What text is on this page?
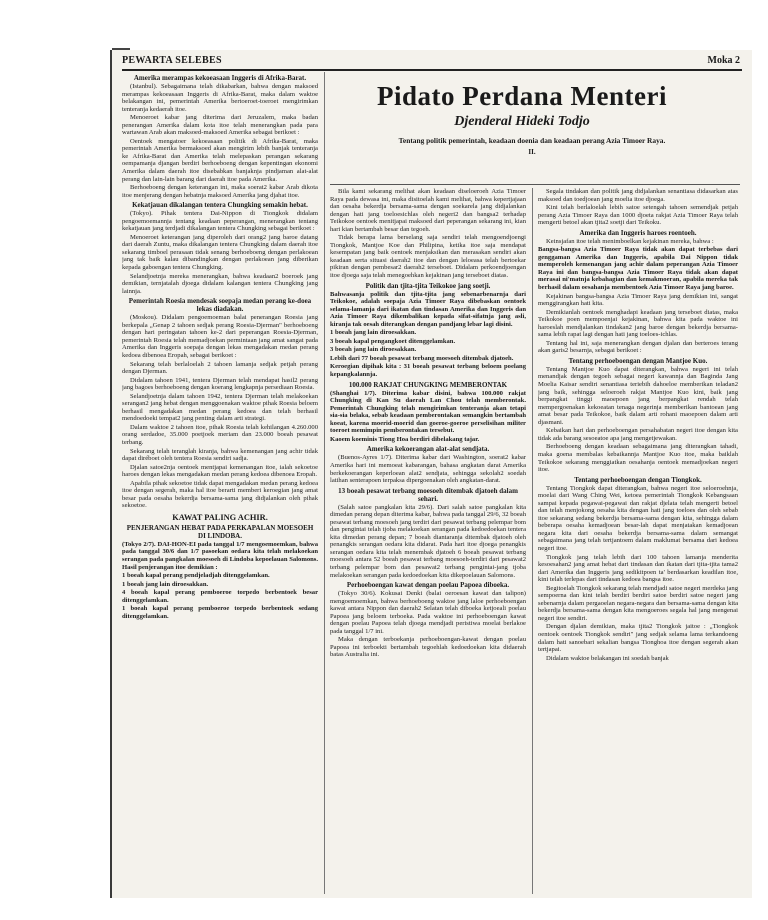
PEWARTA SELEBES	Moka 2
Amerika merampas kekoeasaan Inggeris di Afrika-Barat.

(Istanbul). Sebagaimana telah dikabarkan, bahwa dengan maksoed merampas kekoeasaan Inggeris di Afrika-Barat, maka dalam waktoe belakangan ini, pemerintah Amerika bertoeroet-toeroet mengirimkan tenteranja kedaerah itoe.

Menoeroet kabar jang diterima dari Jeruzalem, maka badan penerangan Amerika dalam kota itoe telah menerangkan pada para wartawan Arab akan maksoed-maksoed Amerika sebagai berikoet :

Oentoek mengatoer kekoeasaan politik di Afrika-Barat, maka pemerintah Amerika bermaksoed akan mengirim lebih banjak tenteranja ke Afrika-Barat dan Amerika telah melepaskan perangan sekarang oempamanja djangan berdiri berhoeboeng dengan kepentingan ekonomi Amerika dalam daerah itoe disebabkan banjaknja pindjaman alat-alat perang dan lain-lain barang dari daerah itoe pada Amerika.

Berhoeboeng dengan keterangan ini, maka soerat2 kabar Arab dikota itoe menjerang dengan hebatnja maksoed Amerika jang djahat itoe.

Kekatjauan dikalangan tentera Chungking semakin hebat.

(Tokyo). Pihak tentera Dai-Nippon di Tiongkok didalam pengoemoemannja tentang keadaan peperangan, menerangkan tentang kekatjauan jang terdjadi dikalangan tentera Chungking sebagai berikoet :

Menoeroet keterangan jang diperoleh dari orang2 jang baroe datang dari daerah Zuntu, maka dikalangan tentera Chungking dalam daerah itoe sekarang timboel perasaan tidak senang berhoeboeng dengan perlakoean jang tak baik kalau dibandingkan dengan perlakoean jang diberikan kepada gaboengan tentera Chungking.

Selandjoetnja mereka menerangkan, bahwa keadaan2 boeroek jang demikian, ternjatalah djoega didalam kalangan tentera Chungking jang lainnja.

Pemerintah Roesia mendesak soepaja medan perang ke-doea lekas diadakan.

(Moskou). Didalam pengoemoeman balai penerangan Roesia jang berkepala „Genap 2 tahoen sedjak perang Roesia-Djerman" berhoeboeng dengan hari peringatan tahoen ke-2 dari peperangan Roesia-Djerman, pemerintah Roesia telah memadjoekan permintaan jang amat sangat pada Amerika dan Inggeris soepaja dengan lekas mengadakan medan perang kedoea dibenoea Eropah, sebagai berikoet :

Sekarang telah berlaloelah 2 tahoen lamanja sedjak petjah perang dengan Djerman.

Didalam tahoen 1941, tentera Djerman telah mendapat hasil2 perang jang bagoes berhoeboeng dengan koerang lengkapnja persediaan Roesia.

Selandjoetnja dalam tahoen 1942, tentera Djerman telah melakoekan serangan2 jang hebat dengan menggoenakan waktoe pihak Roesia beloem berhasil mengadakan medan perang kedoea dan telah berhasil mendoedoeki tempat2 jang penting dalam arti strategi.

Dalam waktoe 2 tahoen itoe, pihak Roesia telah kehilangan 4.260.000 orang serdadoe, 35.000 poetjoek meriam dan 23.000 boeah pesawat terbang.

Sekarang telah teranglah kiranja, bahwa kemenangan jang achir tidak dapat diréboet oleh tentera Roesia sendiri sadja.

Djalan satoe2nja oentoek mentjapai kemenangan itoe, ialah sekoetoe haroes dengan lekas mengadakan medan perang kedoea dibenoea Eropah.

Apabila pihak sekoetoe tidak dapat mengadakan medan perang kedoea itoe dengan segerah, maka hal itoe berarti memberi keroegian jang amat besar pada oesaha bekerdja bersama-sama jang didjalankan oleh pihak sekoetoe.

KAWAT PALING ACHIR.
PENJERANGAN HEBAT PADA PERKAPALAN MOESOEH DI LINDOBA.

(Tokyo 2/7). DAI-HON-EI pada tanggal 1/7 mengoemoemkan, bahwa pada tanggal 30/6 dan 1/7 pasoekan oedara kita telah melakoekan serangan pada pangkalan moesoeh di Lindoba kepoelauan Salomons. Hasil penjerangan itoe demikian :

1 boeah kapal perang pendjeladjah ditenggelamkan.

1 boeah jang lain diroesakkan.

4 boeah kapal perang pemboeroe torpedo berbentoek besar ditenggelamkan.

1 boeah kapal perang pemboeroe torpedo berbentoek sedang ditenggelamkan.

Pidato Perdana Menteri
Djenderal Hideki Todjo
Tentang politik pemerintah, keadaan doenia dan keadaan perang Azia Timoer Raya.
II.

Bila kami sekarang melihat akan keadaan diseloeroeh Azia Timoer Raya pada dewasa ini, maka disitoelah kami melihat, bahwa kepertjajaan dan oesaha bekerdja bersama-sama dengan soekarela jang didjalankan dengan hati jang toeloesichlas oleh negeri2 dan bangsa2 terhadap Teikokoe oentoek menitjapai maksoed dari peperangan sekarang ini, kian hari kian bertambah besar dan tegoeh.

Tidak berapa lama berselang saja sendiri telah mengoendjoengi Tiongkok, Mantjoe Koe dan Philipina, ketika itoe saja mendapat kesempatan jang baik oentoek menjaksikan dan merasakan sendiri akan keadaan serta situasi daerah2 itoe dan dengan leloeasa telah bertoekar pikiran dengan pembesar2 daerah2 terseboet. Didalam perkoendjoengan itoe djoega saja telah menegoehkan kejakinan jang terseboet diatas.

Politik dan tjita-tjita Teikokoe jang soetji.

Bahwasanja politik dan tjita-tjita jang sebenarbenarnja dari Teikokoe, adalah soepaja Azia Timoer Raya dibebaskan oentoek selama-lamanja dari ikatan dan tindasan Amerika dan Inggeris dan Azia Timoer Raya dikembalikan kepada sifat-sifatnja jang asli, kiranja tak oesah diterangkan dengan pandjang lebar lagi disini.

1 boeah jang lain diroesakkan.

3 boeah kapal pengangkoet ditenggelamkan.

3 boeah jang lain diroesakkan.

Lebih dari 77 boeah pesawat terbang moesoeh ditembak djatoeh.

Keroegian dipihak kita : 31 boeah pesawat terbang beloem poelang kepangkalannja.

100.000 RAKJAT CHUNGKING MEMBERONTAK

(Shanghai 1/7). Diterima kabar disini, bahwa 100.000 rakjat Chungking di Kan Su daerah Lan Chou telah memberontak. Pemerintah Chungking telah mengirimkan tenteranja akan tetapi sia-sia belaka, sebab keadaan pemberontakan semangkin bertambah koeat, karena moerid-moerid dan goeroe-goeroe perselisihan militer toeroet memimpin pemberontakan tersebut.

Kaoem koeminis Tiong Hoa berdiri dibelakang tajar.

Amerika kekoerangan alat-alat sendjata.

(Buenos-Ayres 1/7). Diterima kabar dari Washington, soerat2 kabar Amerika hari ini memoeat kabarangan, bahasa angkatan darat Amerika berkekoerangan keperloean alat2 sendjata, sehingga sekolah2 soedah latihan senterapoen terpaksa dipergoenakan oleh angkatan-darat.

13 boeah pesawat terbang moesoeh ditembak djatoeh dalam sehari.

(Salah satoe pangkalan kita 29/6). Dari salah satoe pangkalan kita dimedan perang depan diterima kabar, bahwa pada tanggal 29/6, 32 boeah pesawat terbang moesoeh jang terdiri dari pesawat terbang pelempar bom dan pengintai telah tjoba melakoekan serangan pada kedoedoekan tentera kita dimedan perang depan; 7 boeah diantaranja ditembak djatoeh oleh penangkis serangan oedara kita didarat. Pada hari itoe djoega penangkis serangan oedara kita telah menembak djatoeh 6 boeah pesawat terbang moesoeh antara 52 boeah pesawat terbang moesoeh-terdiri dari pesawat2 terbang pelempar bom dan pesawat2 terbang pengintai-jang tjoba melakoekan serangan pada kedoedoekan kita dikepoelauan Salomons.

Perhoeboengan kawat dengan poelau Papoea diboeka.

(Tokyo 30/6). Kokusai Denki (balai oeroesan kawat dan talipon) mengoemoemkan, bahwa berhoeboeng waktoe jang laloe perhoeboengan kawat antara Nippon dan daerah2 Selatan telah diboeka ketjoeali poelau Papoea jang beloem terboeka. Pada waktoe ini perhoeboengan kawat dengan poelau Papoea telah djoega mendjadi peristiwa moelai berlakoe pada tanggal 1/7 ini.

Maka dengan terboekanja perhoeboengan-kawat dengan poelau Papoea ini terboekti bertambah tegoehlah kedoedoekan kita didaerah batas Australia ini.

Segala tindakan dan politik jang didjalankan senantiasa didasarkan atas maksoed dan toedjoean jang moelia itoe djoega.

Kini telah berlaloelah lebih satoe setengah tahoen semendjak petjah perang Azia Timoer Raya dan 1000 djoeta rakjat Azia Timoer Raya telah mengerti betoel akan tjita2 soetji dari Teikoku.

Amerika dan Inggeris haroes roentoeh.

Keinsjafan itoe telah menimboelkan kejakinan mereka, bahwa :

Bangsa-bangsa Azia Timoer Raya tidak akan dapat terbebas dari genggaman Amerika dan Inggeris, apabila Dai Nippon tidak memperoleh kemenangan jang achir dalam peperangan Azia Timoer Raya ini dan bangsa-bangsa Azia Timoer Raya tidak akan dapat merasai ni'matnja kebahagian dan kemakmoeran, apabila mereka tak berhasil dalam oesahanja membentoek Azia Timoer Raya jang baroe.

Kejakinan bangsa-bangsa Azia Timoer Raya jang demikian ini, sangat menggirangkan hati kita.

Demikianlah oentoek menghadapi keadaan jang terseboet diatas, maka Teikokoe poen mempoenjai kejakinan, bahwa kita pada waktoe ini haroeslah mendjalankan tindakan2 jang baroe dengan bekerdja bersama-sama lebih rapat lagi dengan hati jang toeloes-ichlas.

Tentang hal ini, saja menerangkan dengan djalan dan berteroes terang akan garis2 besarnja, sebagai berikoet :

Tentang perhoeboengan dengan Mantjoe Kuo.

Tentang Mantjoe Kuo dapat diterangkan, bahwa negeri ini telah menandjak dengan tegoeh sebagai negeri kawannja dan Baginda Jang Moelia Kaisar sendiri senantiasa teriebih dahoeloe memberikan teladan2 jang baik, sehingga seloeroeh rakjat Mantjoe Kuo kini, baik jang berpangkat tinggi maoepoen jang berpangkat rendah telah mempergoenakan kekoeatan tenaga negerinja memberikan bantoean jang amat besar pada Teikokoe, baik dalam arti rohani maoepoen dalam arti djasmani.

Kebaikan hari dan perhoeboengan persahabatan negeri itoe dengan kita tidak ada barang sesoeatoe apa jang mengetjewakan.

Berhoeboeng dengan keadaan sebagaimana jang diterangkan tahadi, maka goena membalas kebaikannja Mantjoe Kuo itoe, maka baiklah Teikokoe sekarang menggiatkan oesahanja oentoek memadjoekan negeri itoe.

Tentang perhoeboengan dengan Tiongkok.

Tentang Tiongkok dapat diterangkan, bahwa negeri itoe seloeroehnja, moelai dari Wang Ching Wei, ketoea pemerintah Tiongkok Kebangsaan sampai kepada pegawai-pegawai dan rakjat djelata telah mengerti betoel dan telah menjokong oesaha kita dengan hati jang toeloes dan oleh sebab itoe sekarang sedang bekerdja bersama-sama dengan kita, sehingga dalam beberapa oesaha kemadjoean besar-lah dapat menjatakan kemadjoean negara kita dari oesaha bekerdja bersama-sama dalam semangat sebagaimana jang telah tertjantoem dalam maklumat bersama dari kedoea negeri itoe.

Tiongkok jang telah lebih dari 100 tahoen lamanja menderita kesoesahan2 jang amat hebat dari tindasan dan ikatan dari tjita-tjita tama2 dari Amerika dan Inggeris jang sedikitpoen ta' berdasarkan keadilan itoe, kini telah terlepas dari tindasan kedoea bangsa itoe.

Begitoelah Tiongkok sekarang telah mendjadi satoe negeri merdeka jang sempoerna dan kini telah berdiri berdiri satoe berdiri satoe negeri jang sebenarnja dalam pergaoelan negara-negara dan bersama-sama dengan kita bekerdja bersama-sama dengan kita mengoeroes segala hal jang mengenai negeri itoe sendiri.

Dengan djalan demikian, maka tjita2 Tiongkok jaitoe : „Tiongkok oentoek oentoek Tiongkok sendiri" jang sedjak selama lama terkandoeng dalam hati sanoebari sekalian bangsa Tionghoa itoe dengan segerah akan tertjapai.

Didalam waktoe belakangan ini soedah banjak
